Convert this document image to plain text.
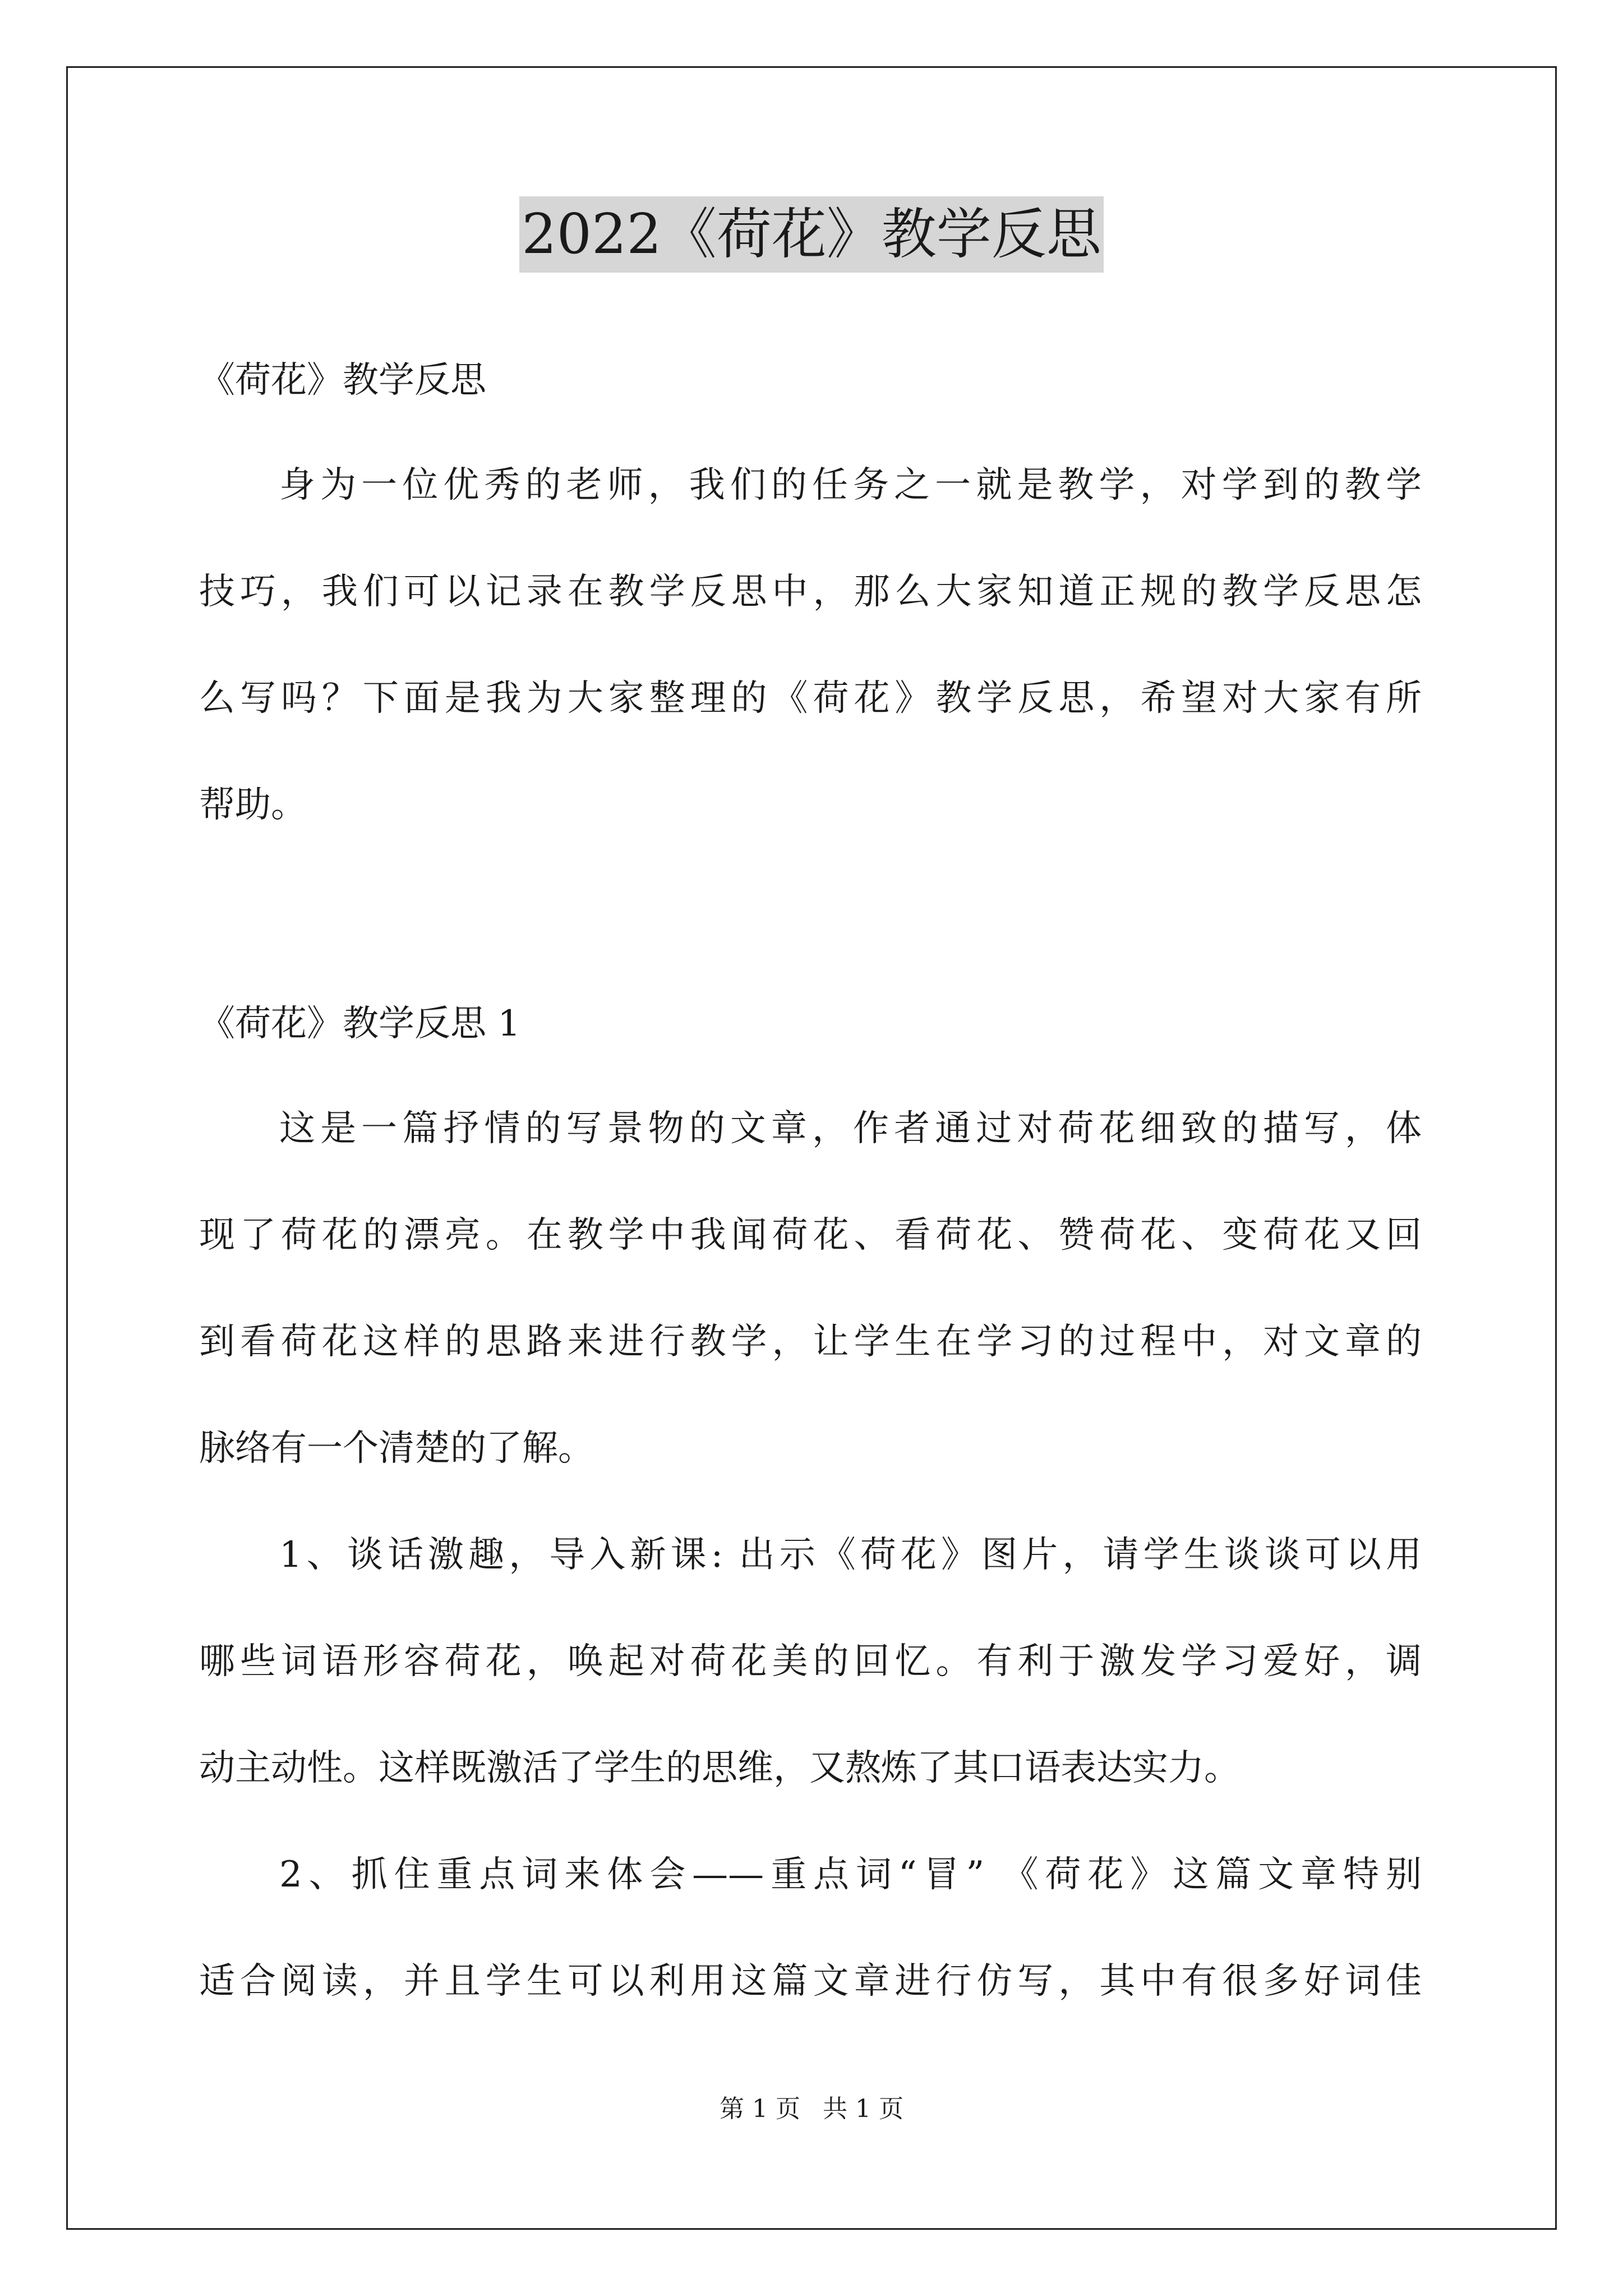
2022《荷花》教学反思
《荷花》教学反思
身为一位优秀的老师，我们的任务之一就是教学，对学到的教学
技巧，我们可以记录在教学反思中，那么大家知道正规的教学反思怎
么写吗？下面是我为大家整理的《荷花》教学反思，希望对大家有所
帮助。
《荷花》教学反思 1
这是一篇抒情的写景物的文章，作者通过对荷花细致的描写，体
现了荷花的漂亮。在教学中我闻荷花、看荷花、赞荷花、变荷花又回
到看荷花这样的思路来进行教学，让学生在学习的过程中，对文章的
脉络有一个清楚的了解。
1、谈话激趣，导入新课: 出示《荷花》图片，请学生谈谈可以用
哪些词语形容荷花，唤起对荷花美的回忆。有利于激发学习爱好，调
动主动性。这样既激活了学生的思维，又熬炼了其口语表达实力。
2、抓住重点词来体会——重点词“冒” 《荷花》这篇文章特别
适合阅读，并且学生可以利用这篇文章进行仿写，其中有很多好词佳
第 1 页 共 1 页
